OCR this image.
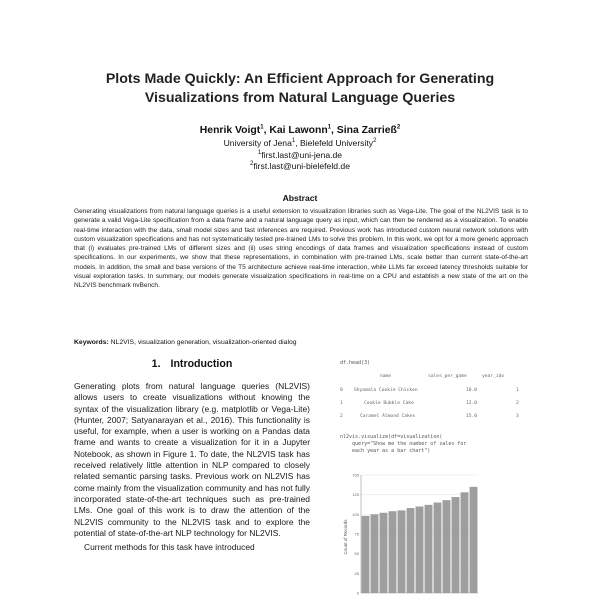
Plots Made Quickly: An Efficient Approach for Generating
Visualizations from Natural Language Queries
Henrik Voigt$^1$, Kai Lawonn$^1$, Sina Zarrieß$^2$
University of Jena$^1$, Bielefeld University$^2$
$^1$first.last@uni-jena.de
$^2$first.last@uni-bielefeld.de
Abstract
Generating visualizations from natural language queries is a useful extension to visualization libraries such as Vega-Lite. The goal of the NL2VIS task is to generate a valid Vega-Lite specification from a data frame and a natural language query as input, which can then be rendered as a visualization. To enable real-time interaction with the data, small model sizes and fast inferences are required. Previous work has introduced custom neural network solutions with custom visualization specifications and has not systematically tested pre-trained LMs to solve this problem. In this work, we opt for a more generic approach that (i) evaluates pre-trained LMs of different sizes and (ii) uses string encodings of data frames and visualization specifications instead of custom specifications. In our experiments, we show that these representations, in combination with pre-trained LMs, scale better than current state-of-the-art models. In addition, the small and base versions of the T5 architecture achieve real-time interaction, while LLMs far exceed latency thresholds suitable for visual exploration tasks. In summary, our models generate visualization specifications in real-time on a CPU and establish a new state of the art on the NL2VIS benchmark nvBench.
Keywords: NL2VIS, visualization generation, visualization-oriented dialog
1. Introduction

Generating plots from natural language queries (NL2VIS) allows users to create visualizations without knowing the syntax of the visualization library (e.g. matplotlib or Vega-Lite) (Hunter, 2007; Satyanarayan et al., 2016). This functionality is useful, for example, when a user is working on a Pandas data frame and wants to create a visualization for it in a Jupyter Notebook, as shown in Figure 1. To date, the NL2VIS task has received relatively little attention in NLP compared to closely related semantic parsing tasks. Previous work on NL2VIS has come mainly from the visualization community and has not fully incorporated state-of-the-art techniques such as pre-trained LMs. One goal of this work is to draw the attention of the NL2VIS community to the NL2VIS task and to explore the potential of state-of-the-art NLP technology for NL2VIS.

Current methods for this task have introduced

df.head(3)
name	sales_per_game	year_idx
0 Shyamala Cookie Chicken	10.0	1
1	Cookie Bubble Cake	12.0	2
2	Caramel Almond Cakes	15.0	3
nl2vis.visualize(df=visualization(
query="Show me the number of sales for
each year as a bar chart")
Count of Records
0
25
50
75
100
125
150
